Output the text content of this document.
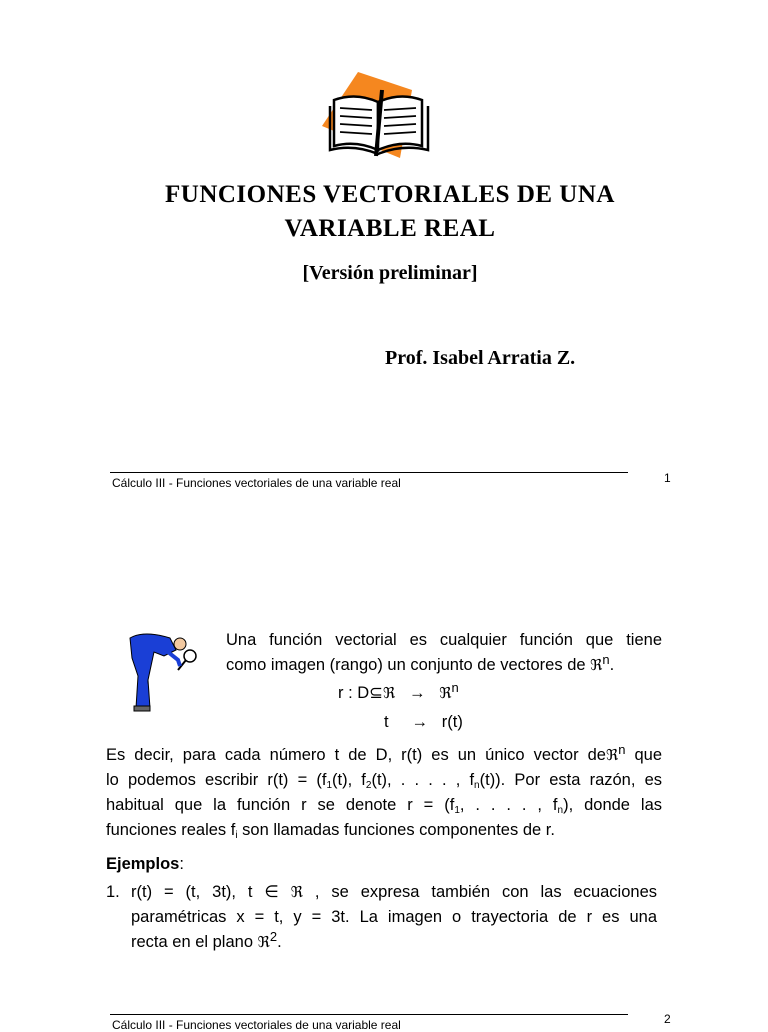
FUNCIONES VECTORIALES DE UNA
VARIABLE REAL
[Versión preliminar]
Prof. Isabel Arratia Z.
Cálculo III - Funciones vectoriales de una variable real	1
Una función vectorial es cualquier función que tiene
como imagen (rango) un conjunto de vectores de ℜ$^n$.
r : D⊆ℜ → ℜ$^n$
t → r(t)
Es decir, para cada número t de D, r(t) es un único vector deℜ$^n$ que
lo podemos escribir $r(t) = (f_1(t)$, $f_2(t)$, . . . . , $f_n(t)$). Por esta razón, es
habitual que la función r se denote $r = (f_1$, . . . . , $f_n$), donde las
funciones reales $f_i$ son llamadas funciones componentes de r.
Ejemplos:
1. r(t) = (t, 3t), t ∈ ℜ , se expresa también con las ecuaciones
paramétricas x = t, y = 3t. La imagen o trayectoria de r es una
recta en el plano ℜ$^2$.
Cálculo III - Funciones vectoriales de una variable real	2
